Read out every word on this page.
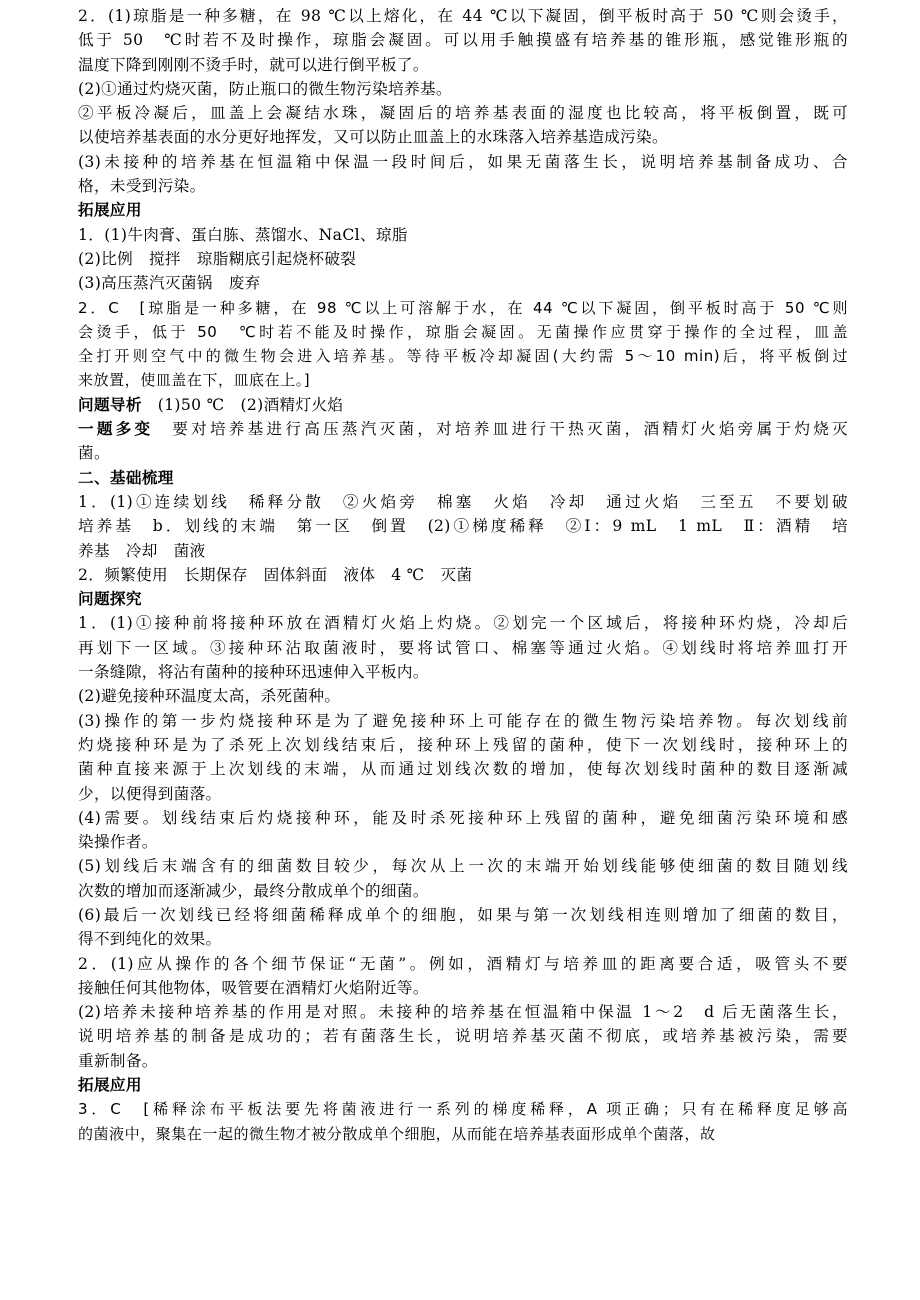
2．(1)琼脂是一种多糖，在 98 ℃以上熔化，在 44 ℃以下凝固，倒平板时高于 50 ℃则会烫手，
低于 50　℃时若不及时操作，琼脂会凝固。可以用手触摸盛有培养基的锥形瓶，感觉锥形瓶的
温度下降到刚刚不烫手时，就可以进行倒平板了。
(2)①通过灼烧灭菌，防止瓶口的微生物污染培养基。
②平板冷凝后，皿盖上会凝结水珠，凝固后的培养基表面的湿度也比较高，将平板倒置，既可
以使培养基表面的水分更好地挥发，又可以防止皿盖上的水珠落入培养基造成污染。
(3)未接种的培养基在恒温箱中保温一段时间后，如果无菌落生长，说明培养基制备成功、合
格，未受到污染。
拓展应用
1．(1)牛肉膏、蛋白胨、蒸馏水、NaCl、琼脂
(2)比例　搅拌　琼脂糊底引起烧杯破裂
(3)高压蒸汽灭菌锅　废弃
2．C　[琼脂是一种多糖，在 98 ℃以上可溶解于水，在 44 ℃以下凝固，倒平板时高于 50 ℃则
会烫手，低于 50　℃时若不能及时操作，琼脂会凝固。无菌操作应贯穿于操作的全过程，皿盖
全打开则空气中的微生物会进入培养基。等待平板冷却凝固(大约需 5～10 min)后，将平板倒过
来放置，使皿盖在下，皿底在上。]
问题导析　(1)50 ℃　(2)酒精灯火焰
一题多变　要对培养基进行高压蒸汽灭菌，对培养皿进行干热灭菌，酒精灯火焰旁属于灼烧灭
菌。
二、基础梳理
1．(1)①连续划线　稀释分散　②火焰旁　棉塞　火焰　冷却　通过火焰　三至五　不要划破
培养基　b．划线的末端　第一区　倒置　(2)①梯度稀释　②Ⅰ：9 mL　1 mL　Ⅱ：酒精　培
养基　冷却　菌液
2．频繁使用　长期保存　固体斜面　液体　4 ℃　灭菌
问题探究
1．(1)①接种前将接种环放在酒精灯火焰上灼烧。②划完一个区域后，将接种环灼烧，冷却后
再划下一区域。③接种环沾取菌液时，要将试管口、棉塞等通过火焰。④划线时将培养皿打开
一条缝隙，将沾有菌种的接种环迅速伸入平板内。
(2)避免接种环温度太高，杀死菌种。
(3)操作的第一步灼烧接种环是为了避免接种环上可能存在的微生物污染培养物。每次划线前
灼烧接种环是为了杀死上次划线结束后，接种环上残留的菌种，使下一次划线时，接种环上的
菌种直接来源于上次划线的末端，从而通过划线次数的增加，使每次划线时菌种的数目逐渐减
少，以便得到菌落。
(4)需要。划线结束后灼烧接种环，能及时杀死接种环上残留的菌种，避免细菌污染环境和感
染操作者。
(5)划线后末端含有的细菌数目较少，每次从上一次的末端开始划线能够使细菌的数目随划线
次数的增加而逐渐减少，最终分散成单个的细菌。
(6)最后一次划线已经将细菌稀释成单个的细胞，如果与第一次划线相连则增加了细菌的数目，
得不到纯化的效果。
2．(1)应从操作的各个细节保证“无菌”。例如，酒精灯与培养皿的距离要合适，吸管头不要
接触任何其他物体，吸管要在酒精灯火焰附近等。
(2)培养未接种培养基的作用是对照。未接种的培养基在恒温箱中保温 1～2　d 后无菌落生长，
说明培养基的制备是成功的；若有菌落生长，说明培养基灭菌不彻底，或培养基被污染，需要
重新制备。
拓展应用
3．C　[稀释涂布平板法要先将菌液进行一系列的梯度稀释，A 项正确；只有在稀释度足够高
的菌液中，聚集在一起的微生物才被分散成单个细胞，从而能在培养基表面形成单个菌落，故
